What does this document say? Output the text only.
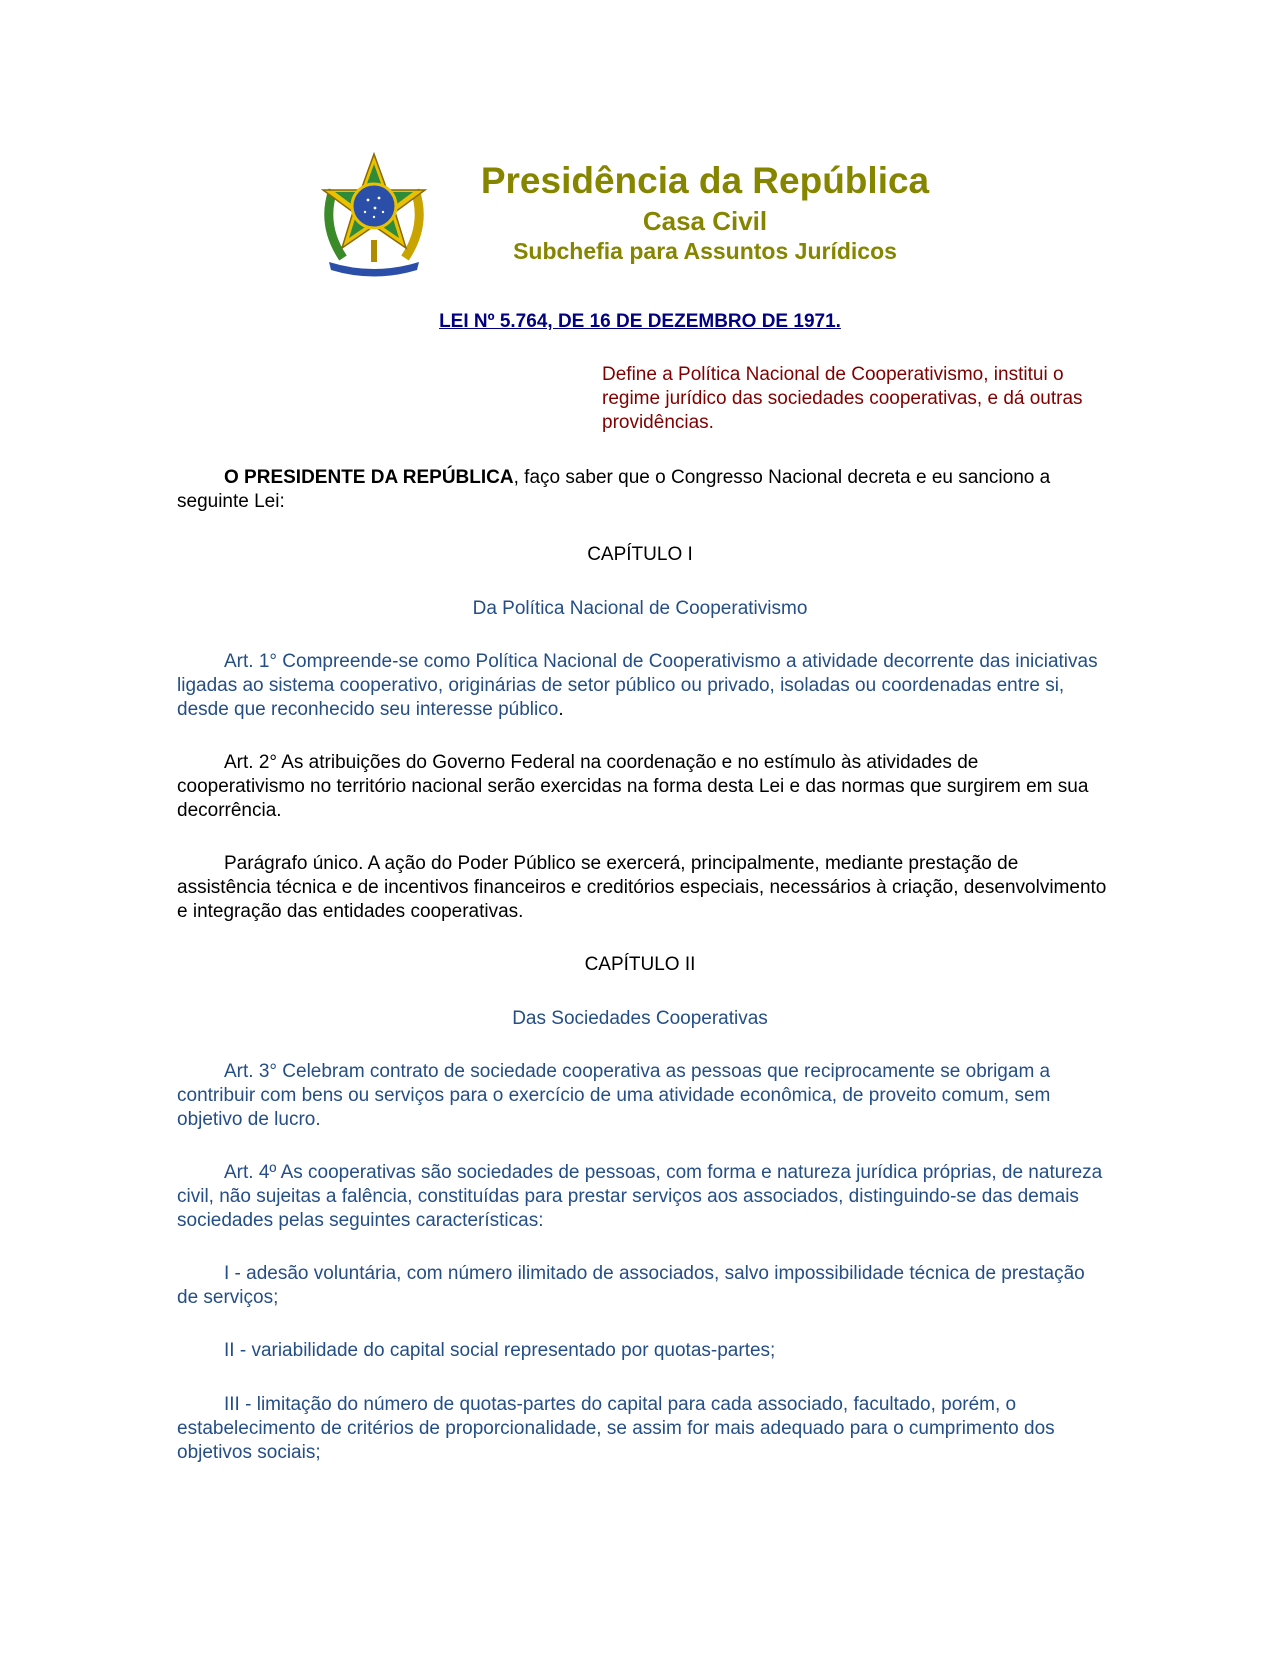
Presidência da República
Casa Civil
Subchefia para Assuntos Jurídicos

LEI Nº 5.764, DE 16 DE DEZEMBRO DE 1971.

Define a Política Nacional de Cooperativismo, institui o regime jurídico das sociedades cooperativas, e dá outras providências.

O PRESIDENTE DA REPÚBLICA, faço saber que o Congresso Nacional decreta e eu sanciono a seguinte Lei:

CAPÍTULO I

Da Política Nacional de Cooperativismo

Art. 1° Compreende-se como Política Nacional de Cooperativismo a atividade decorrente das iniciativas ligadas ao sistema cooperativo, originárias de setor público ou privado, isoladas ou coordenadas entre si, desde que reconhecido seu interesse público.

Art. 2° As atribuições do Governo Federal na coordenação e no estímulo às atividades de cooperativismo no território nacional serão exercidas na forma desta Lei e das normas que surgirem em sua decorrência.

Parágrafo único. A ação do Poder Público se exercerá, principalmente, mediante prestação de assistência técnica e de incentivos financeiros e creditórios especiais, necessários à criação, desenvolvimento e integração das entidades cooperativas.

CAPÍTULO II

Das Sociedades Cooperativas

Art. 3° Celebram contrato de sociedade cooperativa as pessoas que reciprocamente se obrigam a contribuir com bens ou serviços para o exercício de uma atividade econômica, de proveito comum, sem objetivo de lucro.

Art. 4º As cooperativas são sociedades de pessoas, com forma e natureza jurídica próprias, de natureza civil, não sujeitas a falência, constituídas para prestar serviços aos associados, distinguindo-se das demais sociedades pelas seguintes características:

I - adesão voluntária, com número ilimitado de associados, salvo impossibilidade técnica de prestação de serviços;

II - variabilidade do capital social representado por quotas-partes;

III - limitação do número de quotas-partes do capital para cada associado, facultado, porém, o estabelecimento de critérios de proporcionalidade, se assim for mais adequado para o cumprimento dos objetivos sociais;
